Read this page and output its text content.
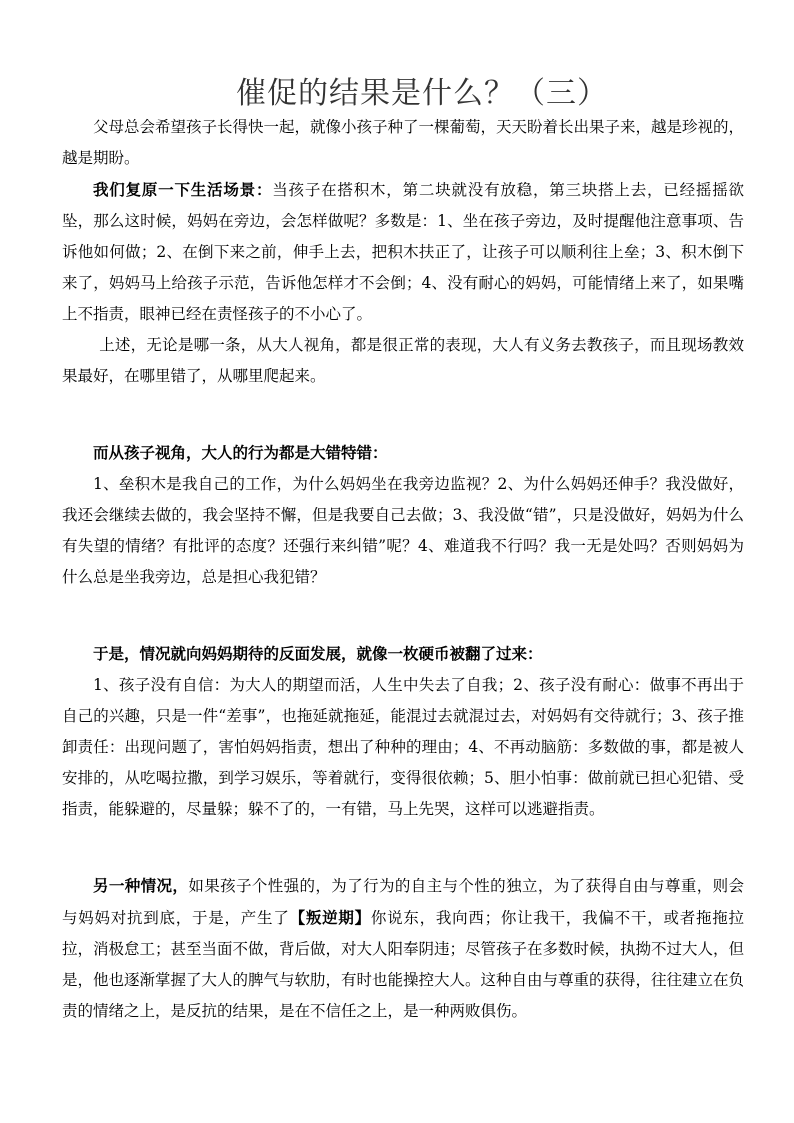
催促的结果是什么？（三）

父母总会希望孩子长得快一起，就像小孩子种了一棵葡萄，天天盼着长出果子来，越是珍视的，越是期盼。

我们复原一下生活场景：当孩子在搭积木，第二块就没有放稳，第三块搭上去，已经摇摇欲坠，那么这时候，妈妈在旁边，会怎样做呢？多数是：1、坐在孩子旁边，及时提醒他注意事项、告诉他如何做；2、在倒下来之前，伸手上去，把积木扶正了，让孩子可以顺利往上垒；3、积木倒下来了，妈妈马上给孩子示范，告诉他怎样才不会倒；4、没有耐心的妈妈，可能情绪上来了，如果嘴上不指责，眼神已经在责怪孩子的不小心了。

上述，无论是哪一条，从大人视角，都是很正常的表现，大人有义务去教孩子，而且现场教效果最好，在哪里错了，从哪里爬起来。

而从孩子视角，大人的行为都是大错特错：

1、垒积木是我自己的工作，为什么妈妈坐在我旁边监视？2、为什么妈妈还伸手？我没做好，我还会继续去做的，我会坚持不懈，但是我要自己去做；3、我没做“错”，只是没做好，妈妈为什么有失望的情绪？有批评的态度？还强行来纠错”呢？4、难道我不行吗？我一无是处吗？否则妈妈为什么总是坐我旁边，总是担心我犯错？

于是，情况就向妈妈期待的反面发展，就像一枚硬币被翻了过来：

1、孩子没有自信：为大人的期望而活，人生中失去了自我；2、孩子没有耐心：做事不再出于自己的兴趣，只是一件“差事”，也拖延就拖延，能混过去就混过去，对妈妈有交待就行；3、孩子推卸责任：出现问题了，害怕妈妈指责，想出了种种的理由；4、不再动脑筋：多数做的事，都是被人安排的，从吃喝拉撒，到学习娱乐，等着就行，变得很依赖；5、胆小怕事：做前就已担心犯错、受指责，能躲避的，尽量躲；躲不了的，一有错，马上先哭，这样可以逃避指责。

另一种情况，如果孩子个性强的，为了行为的自主与个性的独立，为了获得自由与尊重，则会与妈妈对抗到底，于是，产生了【叛逆期】你说东，我向西；你让我干，我偏不干，或者拖拖拉拉，消极怠工；甚至当面不做，背后做，对大人阳奉阴违；尽管孩子在多数时候，执拗不过大人，但是，他也逐渐掌握了大人的脾气与软肋，有时也能操控大人。这种自由与尊重的获得，往往建立在负责的情绪之上，是反抗的结果，是在不信任之上，是一种两败俱伤。
